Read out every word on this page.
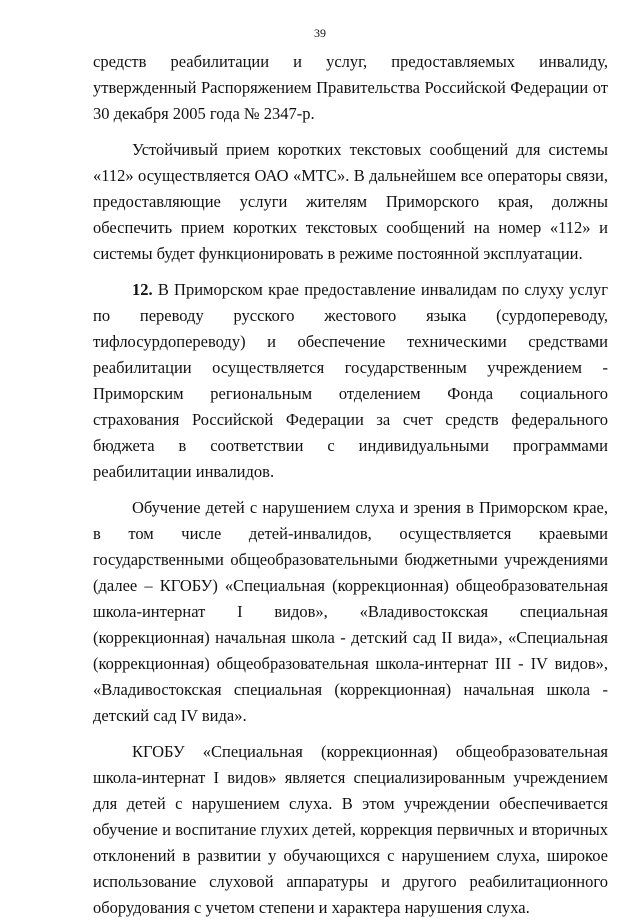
39

средств реабилитации и услуг, предоставляемых инвалиду, утвержденный Распоряжением Правительства Российской Федерации от 30 декабря 2005 года № 2347-р.

Устойчивый прием коротких текстовых сообщений для системы «112» осуществляется ОАО «МТС». В дальнейшем все операторы связи, предоставляющие услуги жителям Приморского края, должны обеспечить прием коротких текстовых сообщений на номер «112» и системы будет функционировать в режиме постоянной эксплуатации.

12. В Приморском крае предоставление инвалидам по слуху услуг по переводу русского жестового языка (сурдопереводу, тифлосурдопереводу) и обеспечение техническими средствами реабилитации осуществляется государственным учреждением - Приморским региональным отделением Фонда социального страхования Российской Федерации за счет средств федерального бюджета в соответствии с индивидуальными программами реабилитации инвалидов.

Обучение детей с нарушением слуха и зрения в Приморском крае, в том числе детей-инвалидов, осуществляется краевыми государственными общеобразовательными бюджетными учреждениями (далее – КГОБУ) «Специальная (коррекционная) общеобразовательная школа-интернат I видов», «Владивостокская специальная (коррекционная) начальная школа - детский сад II вида», «Специальная (коррекционная) общеобразовательная школа-интернат III - IV видов», «Владивостокская специальная (коррекционная) начальная школа - детский сад IV вида».

КГОБУ «Специальная (коррекционная) общеобразовательная школа-интернат I видов» является специализированным учреждением для детей с нарушением слуха. В этом учреждении обеспечивается обучение и воспитание глухих детей, коррекция первичных и вторичных отклонений в развитии у обучающихся с нарушением слуха, широкое использование слуховой аппаратуры и другого реабилитационного оборудования с учетом степени и характера нарушения слуха.
